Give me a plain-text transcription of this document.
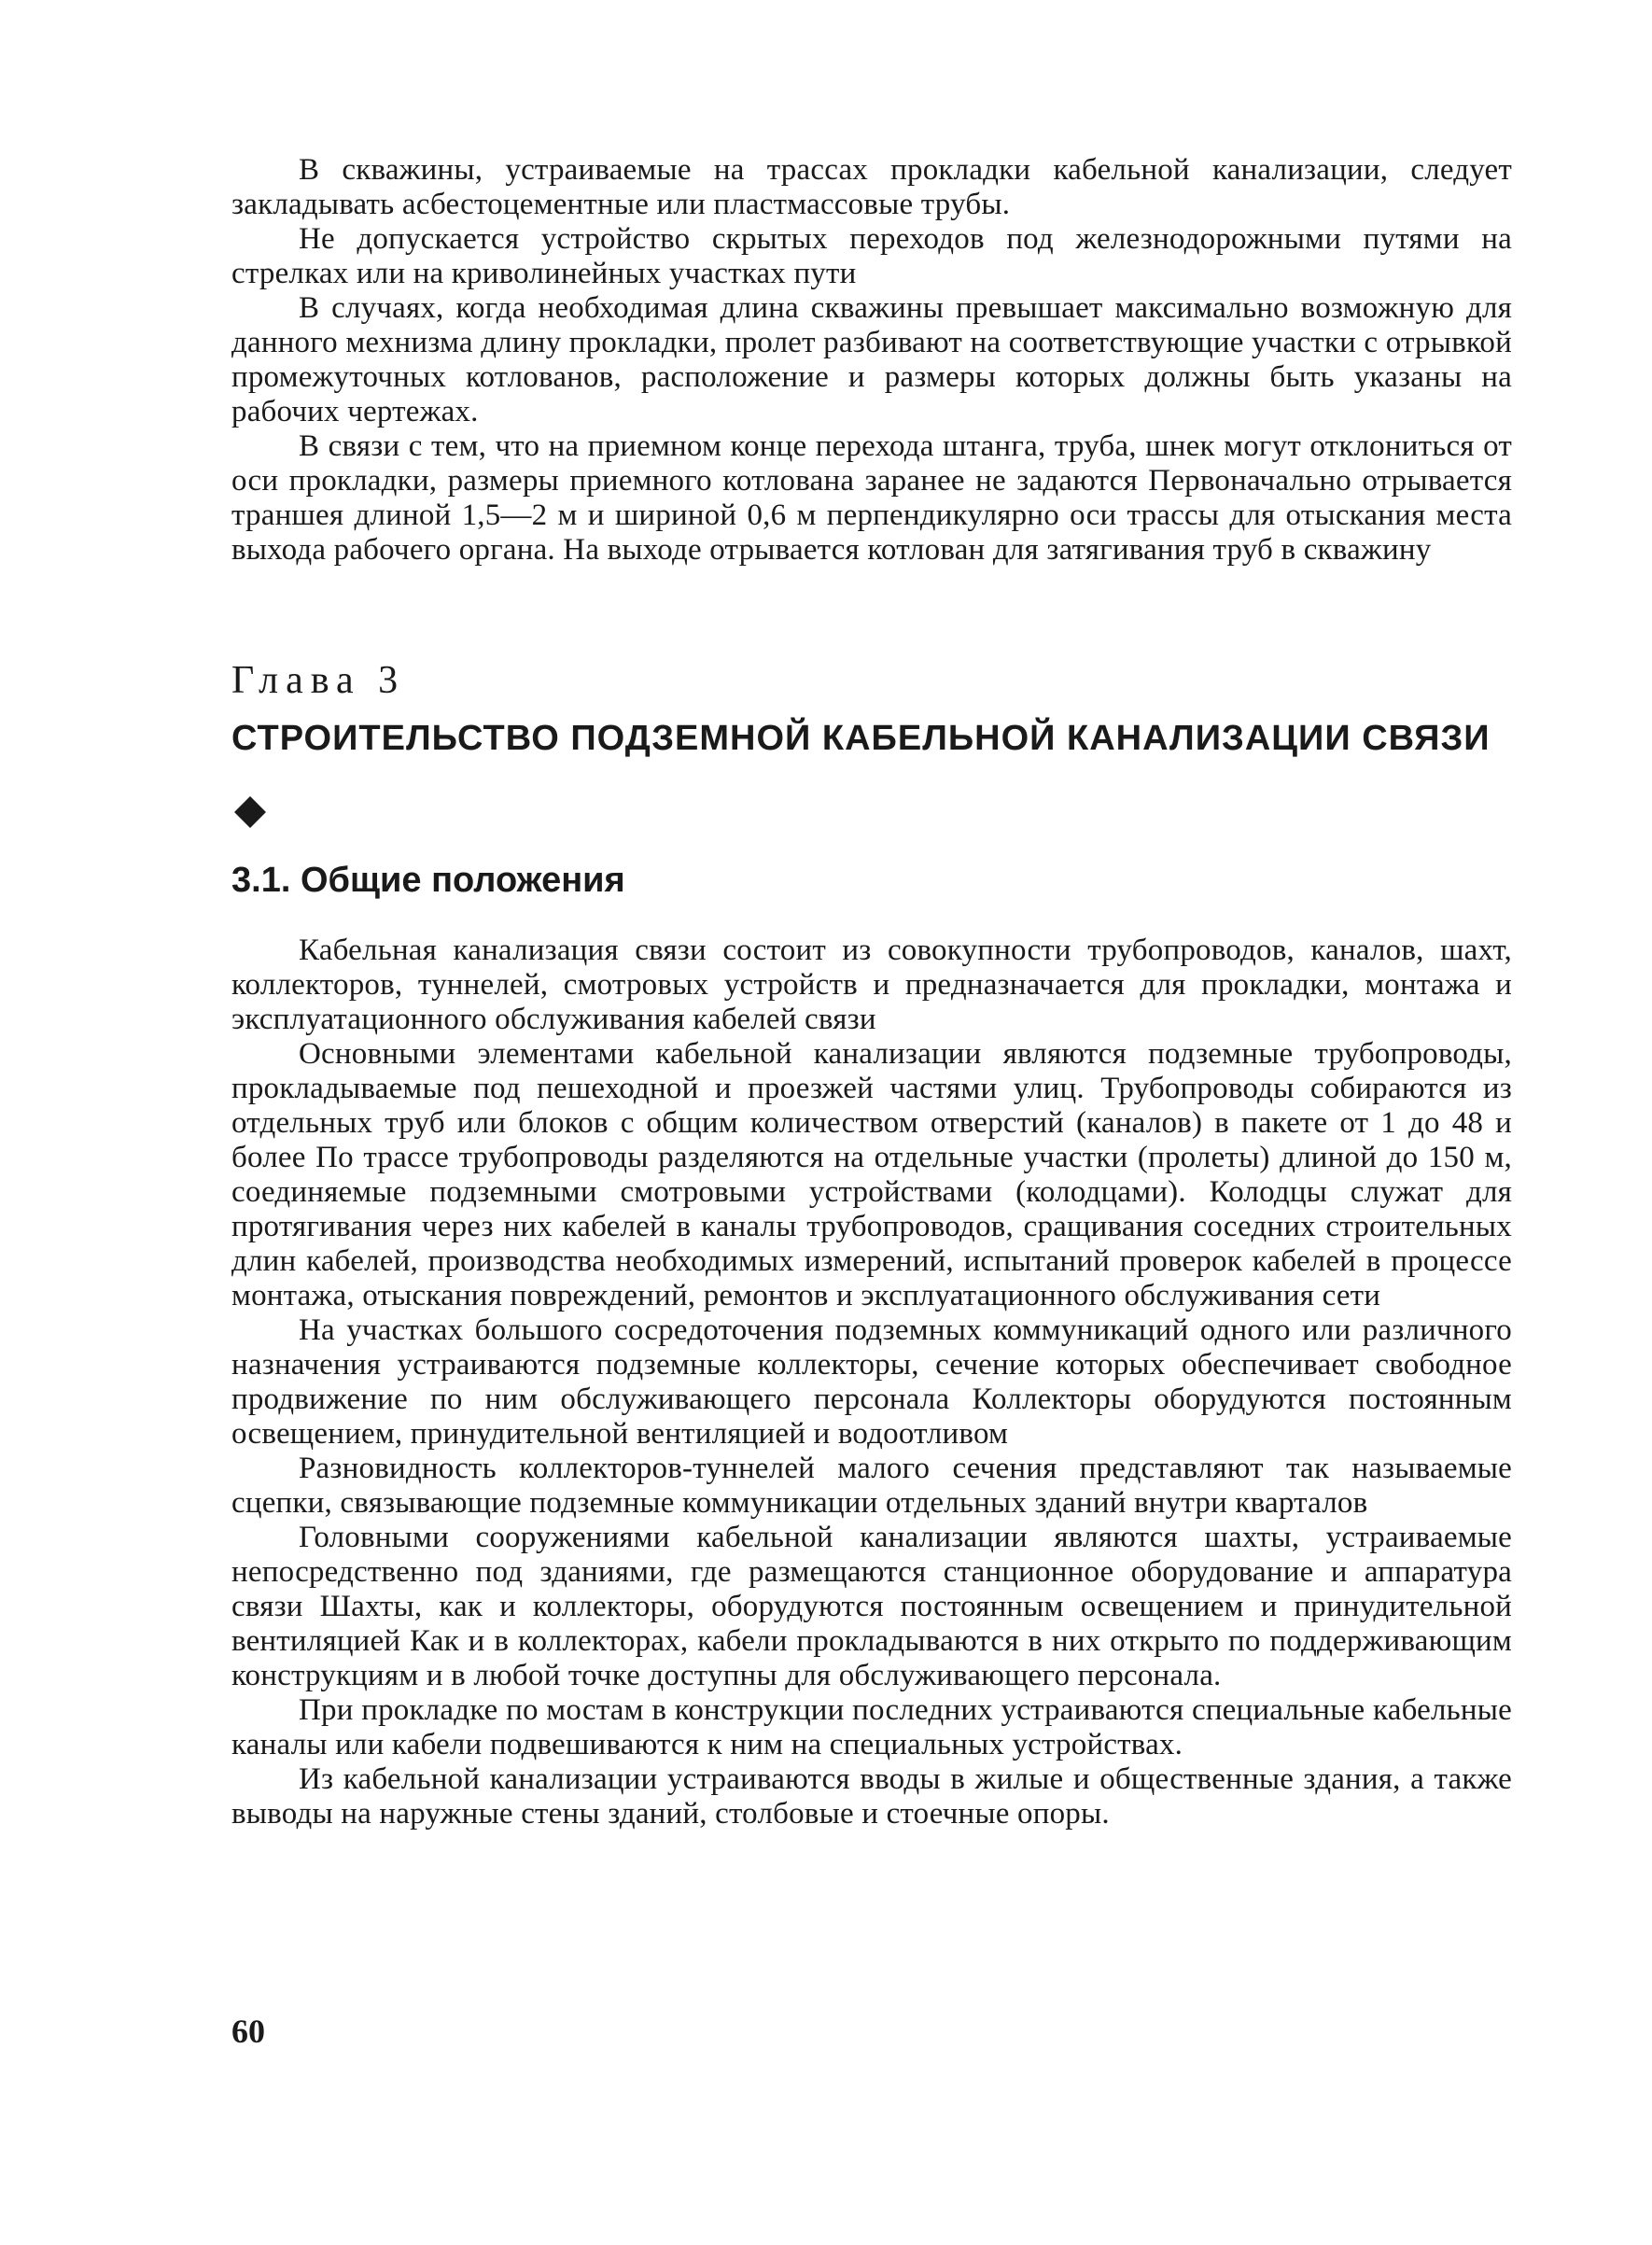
В скважины, устраиваемые на трассах прокладки кабельной канализации, следует закладывать асбестоцементные или пластмассовые трубы.

Не допускается устройство скрытых переходов под железнодорожными путями на стрелках или на криволинейных участках пути

В случаях, когда необходимая длина скважины превышает максимально возможную для данного мехнизма длину прокладки, пролет разбивают на соответствующие участки с отрывкой промежуточных котлованов, расположение и размеры которых должны быть указаны на рабочих чертежах.

В связи с тем, что на приемном конце перехода штанга, труба, шнек могут отклониться от оси прокладки, размеры приемного котлована заранее не задаются Первоначально отрывается траншея длиной 1,5—2 м и шириной 0,6 м перпендикулярно оси трассы для отыскания места выхода рабочего органа. На выходе отрывается котлован для затягивания труб в скважину

Глава 3
СТРОИТЕЛЬСТВО ПОДЗЕМНОЙ КАБЕЛЬНОЙ КАНАЛИЗАЦИИ СВЯЗИ
3.1. Общие положения

Кабельная канализация связи состоит из совокупности трубопроводов, каналов, шахт, коллекторов, туннелей, смотровых устройств и предназначается для прокладки, монтажа и эксплуатационного обслуживания кабелей связи

Основными элементами кабельной канализации являются подземные трубопроводы, прокладываемые под пешеходной и проезжей частями улиц. Трубопроводы собираются из отдельных труб или блоков с общим количеством отверстий (каналов) в пакете от 1 до 48 и более По трассе трубопроводы разделяются на отдельные участки (пролеты) длиной до 150 м, соединяемые подземными смотровыми устройствами (колодцами). Колодцы служат для протягивания через них кабелей в каналы трубопроводов, сращивания соседних строительных длин кабелей, производства необходимых измерений, испытаний проверок кабелей в процессе монтажа, отыскания повреждений, ремонтов и эксплуатационного обслуживания сети

На участках большого сосредоточения подземных коммуникаций одного или различного назначения устраиваются подземные коллекторы, сечение которых обеспечивает свободное продвижение по ним обслуживающего персонала Коллекторы оборудуются постоянным освещением, принудительной вентиляцией и водоотливом

Разновидность коллекторов-туннелей малого сечения представляют так называемые сцепки, связывающие подземные коммуникации отдельных зданий внутри кварталов

Головными сооружениями кабельной канализации являются шахты, устраиваемые непосредственно под зданиями, где размещаются станционное оборудование и аппаратура связи Шахты, как и коллекторы, оборудуются постоянным освещением и принудительной вентиляцией Как и в коллекторах, кабели прокладываются в них открыто по поддерживающим конструкциям и в любой точке доступны для обслуживающего персонала.

При прокладке по мостам в конструкции последних устраиваются специальные кабельные каналы или кабели подвешиваются к ним на специальных устройствах.

Из кабельной канализации устраиваются вводы в жилые и общественные здания, а также выводы на наружные стены зданий, столбовые и стоечные опоры.

60
